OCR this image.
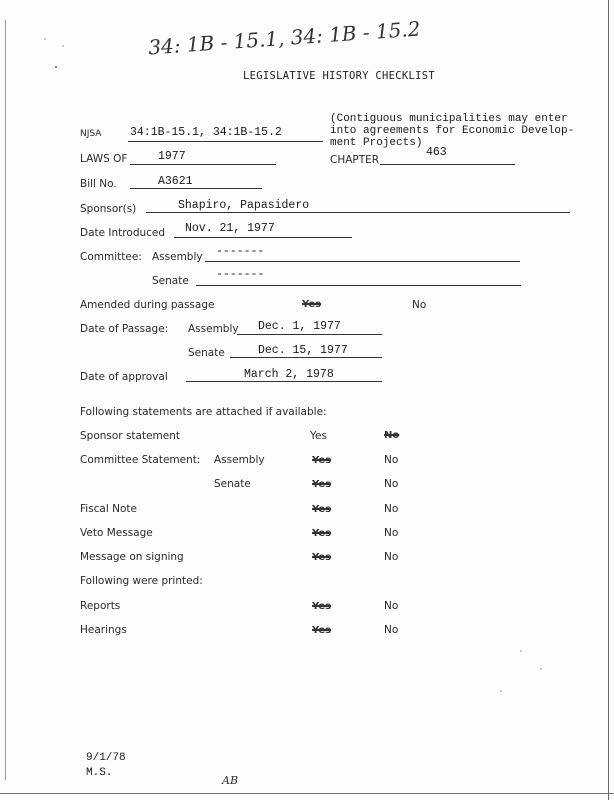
34: 1B - 15.1, 34: 1B - 15.2
LEGISLATIVE HISTORY CHECKLIST
NJSA 34:1B-15.1, 34:1B-15.2
(Contiguous municipalities may enter
into agreements for Economic Develop-
ment Projects)
LAWS OF	1977	CHAPTER
463
Bill No.	A3621
Sponsor(s)	Shapiro, Papasidero
Date Introduced Nov. 21, 1977
Committee: Assembly -------
Senate -------
Amended during passage	Yes	No
Date of Passage: Assembly Dec. 1, 1977
Senate	Dec. 15, 1977
Date of approval	March 2, 1978
Following statements are attached if available:
Sponsor statement	Yes	No
Committee Statement: Assembly	Yes	No
Senate	Yes	No
Fiscal Note	Yes	No
Veto Message	Yes	No
Message on signing	Yes	No
Following were printed:
Reports	Yes	No
Hearings	Yes	No
9/1/78
M.S.
AB
